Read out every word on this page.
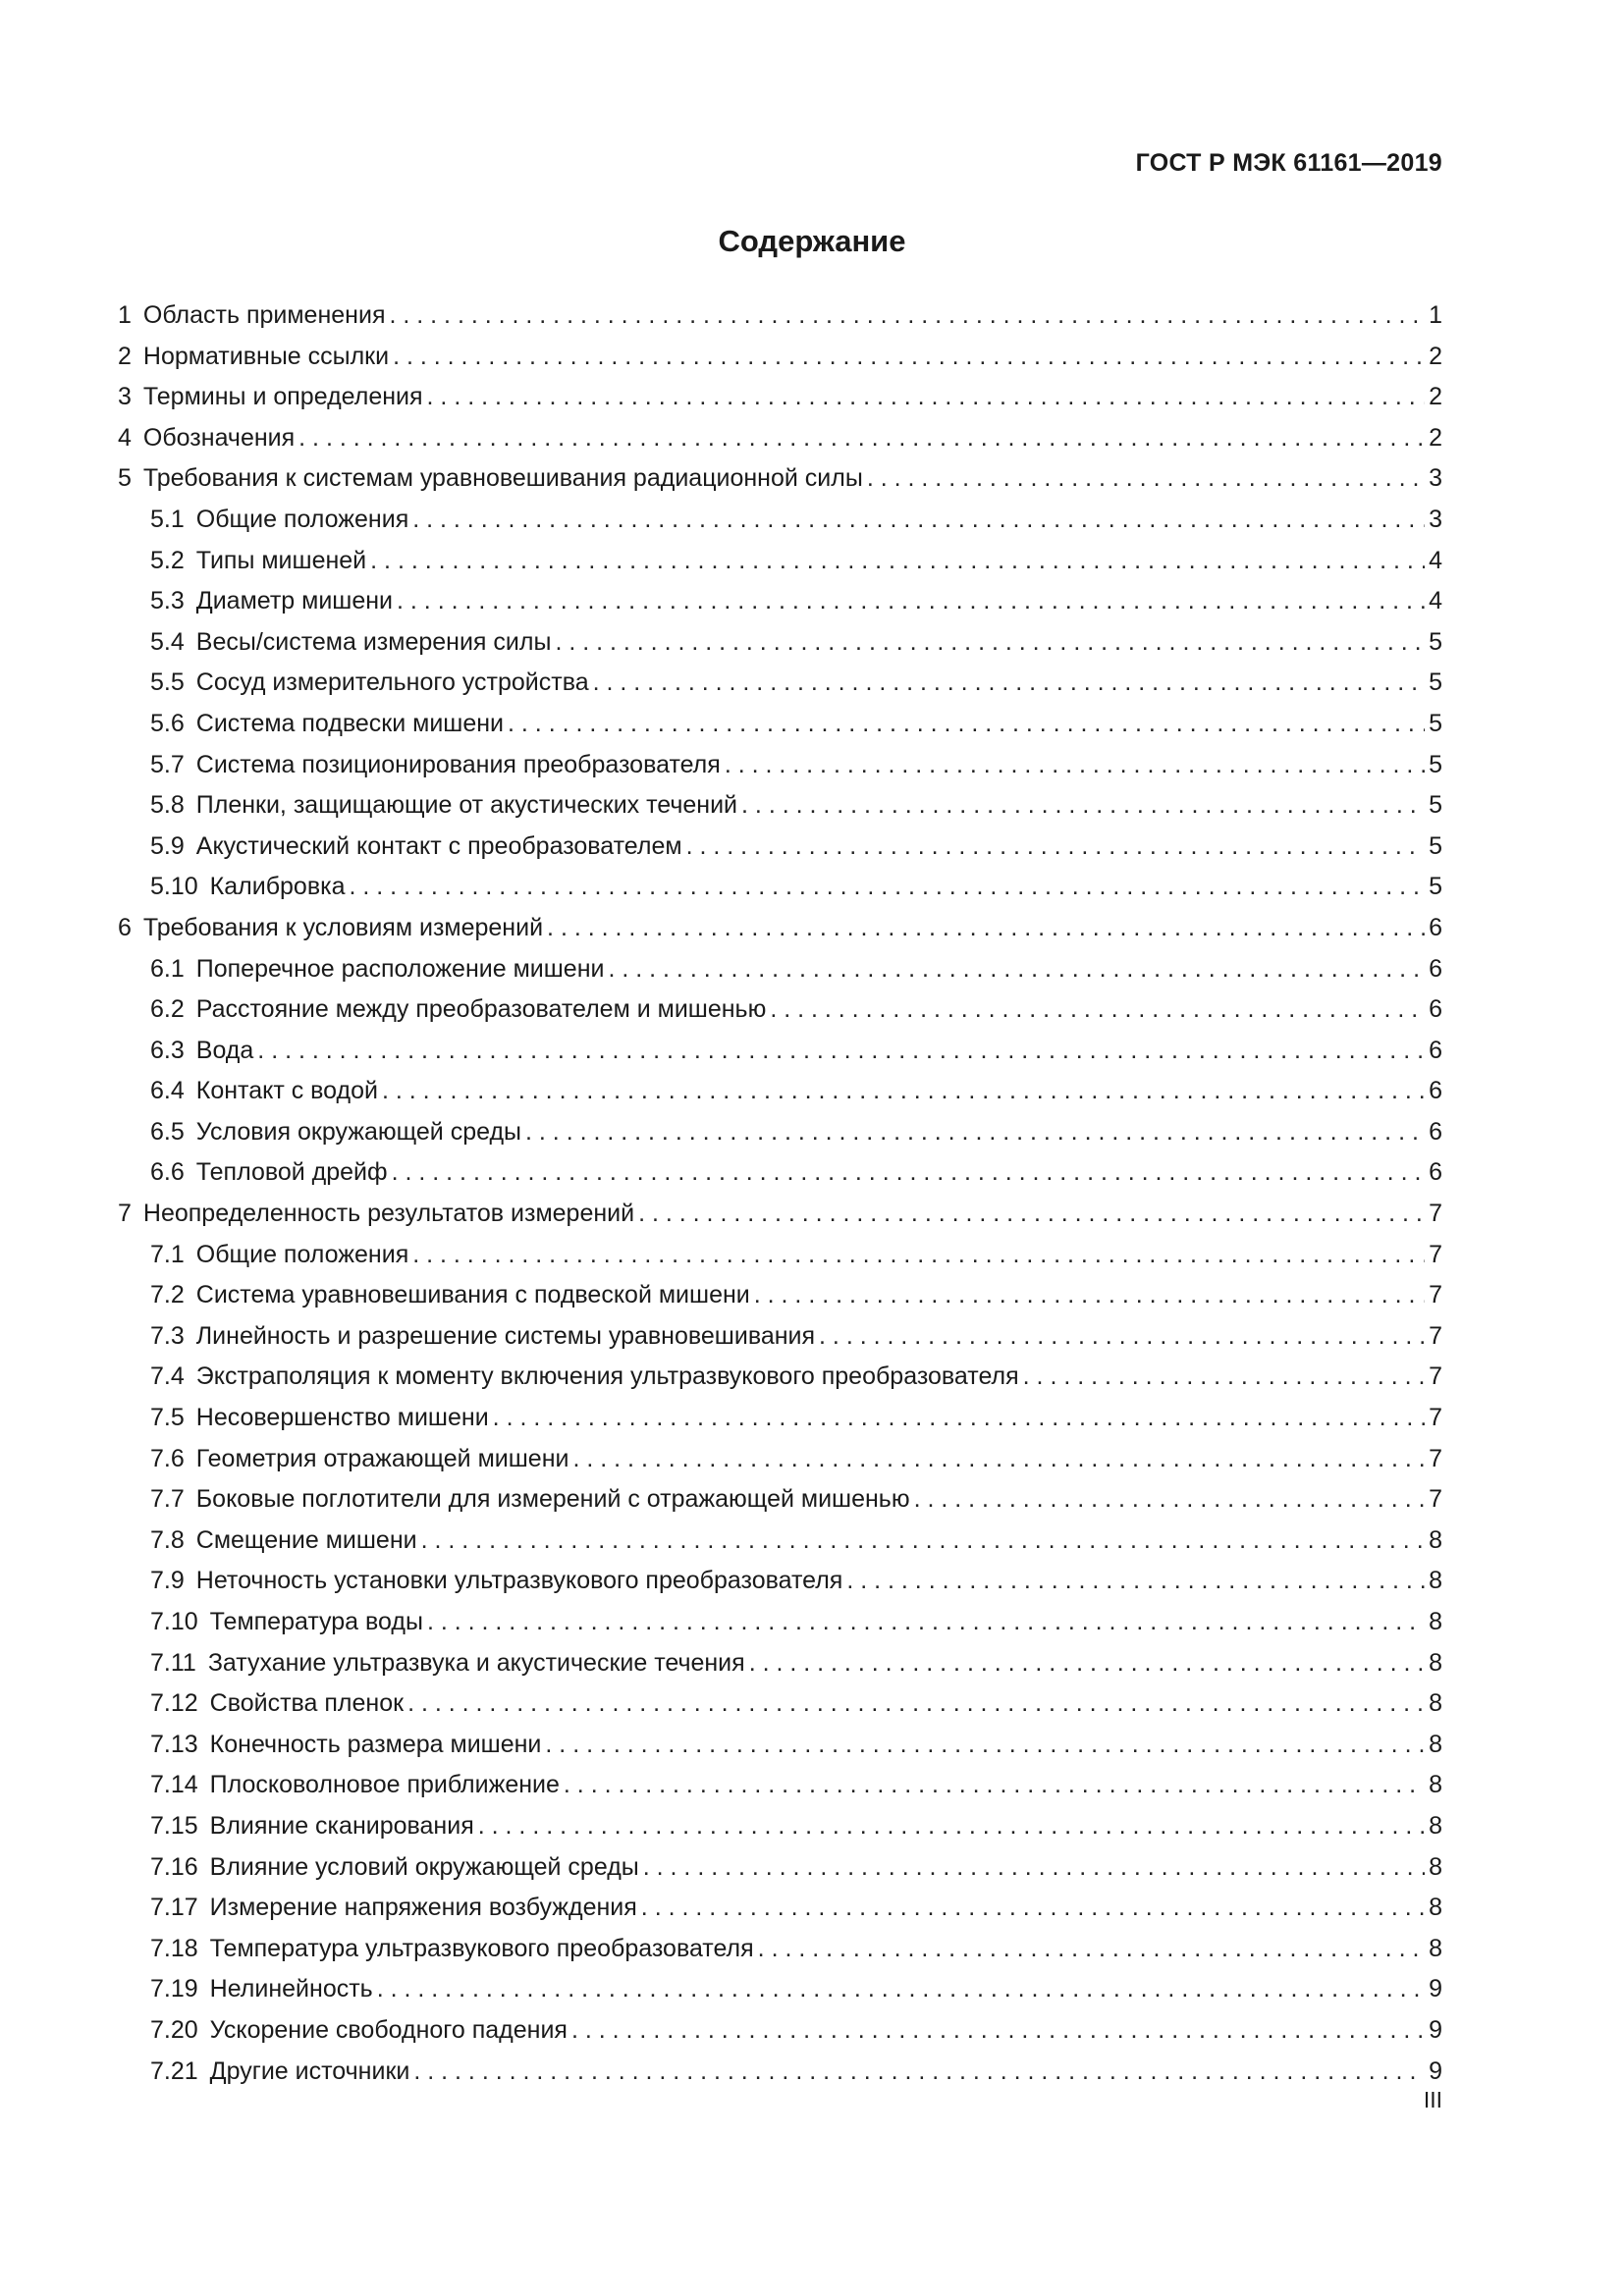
ГОСТ Р МЭК 61161—2019
Содержание
1 Область применения . . .	1
2 Нормативные ссылки . . .	2
3 Термины и определения . . .	2
4 Обозначения . . .	2
5 Требования к системам уравновешивания радиационной силы . . .	3
5.1 Общие положения . . .	3
5.2 Типы мишеней . . .	4
5.3 Диаметр мишени . . .	4
5.4 Весы/система измерения силы . . .	5
5.5 Сосуд измерительного устройства . . .	5
5.6 Система подвески мишени . . .	5
5.7 Система позиционирования преобразователя . . .	5
5.8 Пленки, защищающие от акустических течений . . .	5
5.9 Акустический контакт с преобразователем . . .	5
5.10 Калибровка . . .	5
6 Требования к условиям измерений . . .	6
6.1 Поперечное расположение мишени . . .	6
6.2 Расстояние между преобразователем и мишенью . . .	6
6.3 Вода . . .	6
6.4 Контакт с водой . . .	6
6.5 Условия окружающей среды . . .	6
6.6 Тепловой дрейф . . .	6
7 Неопределенность результатов измерений . . .	7
7.1 Общие положения . . .	7
7.2 Система уравновешивания с подвеской мишени . . .	7
7.3 Линейность и разрешение системы уравновешивания . . .	7
7.4 Экстраполяция к моменту включения ультразвукового преобразователя . . .	7
7.5 Несовершенство мишени . . .	7
7.6 Геометрия отражающей мишени . . .	7
7.7 Боковые поглотители для измерений с отражающей мишенью . . .	7
7.8 Смещение мишени . . .	8
7.9 Неточность установки ультразвукового преобразователя . . .	8
7.10 Температура воды . . .	8
7.11 Затухание ультразвука и акустические течения . . .	8
7.12 Свойства пленок . . .	8
7.13 Конечность размера мишени . . .	8
7.14 Плосковолновое приближение . . .	8
7.15 Влияние сканирования . . .	8
7.16 Влияние условий окружающей среды . . .	8
7.17 Измерение напряжения возбуждения . . .	8
7.18 Температура ультразвукового преобразователя . . .	8
7.19 Нелинейность . . .	9
7.20 Ускорение свободного падения . . .	9
7.21 Другие источники . . .	9
III
